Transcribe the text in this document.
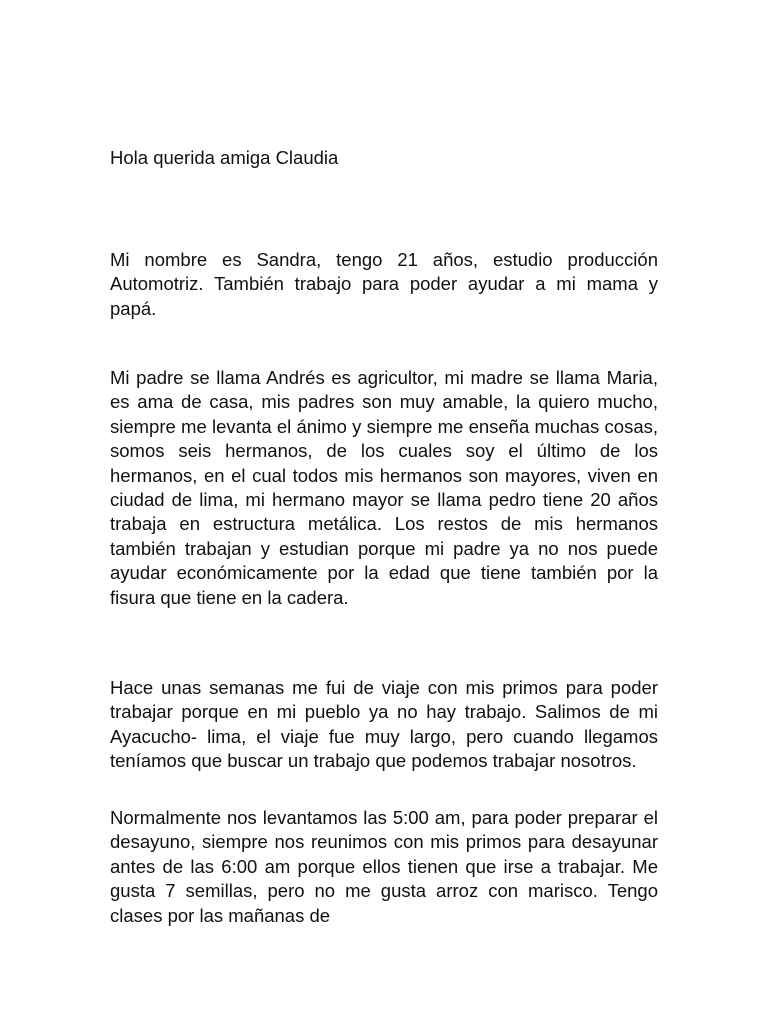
Hola querida amiga Claudia

Mi nombre es Sandra, tengo 21 años, estudio producción Automotriz. También trabajo para poder ayudar a mi mama y papá.

Mi padre se llama Andrés es agricultor, mi madre se llama Maria, es ama de casa, mis padres son muy amable, la quiero mucho, siempre me levanta el ánimo y siempre me enseña muchas cosas, somos seis hermanos, de los cuales soy el último de los hermanos, en el cual todos mis hermanos son mayores, viven en ciudad de lima, mi hermano mayor se llama pedro tiene 20 años trabaja en estructura metálica. Los restos de mis hermanos también trabajan y estudian porque mi padre ya no nos puede ayudar económicamente por la edad que tiene también por la fisura que tiene en la cadera.

Hace unas semanas me fui de viaje con mis primos para poder trabajar porque en mi pueblo ya no hay trabajo. Salimos de mi Ayacucho- lima, el viaje fue muy largo, pero cuando llegamos teníamos que buscar un trabajo que podemos trabajar nosotros.

Normalmente nos levantamos las 5:00 am, para poder preparar el desayuno, siempre nos reunimos con mis primos para desayunar antes de las 6:00 am porque ellos tienen que irse a trabajar. Me gusta 7 semillas, pero no me gusta arroz con marisco. Tengo clases por las mañanas de
